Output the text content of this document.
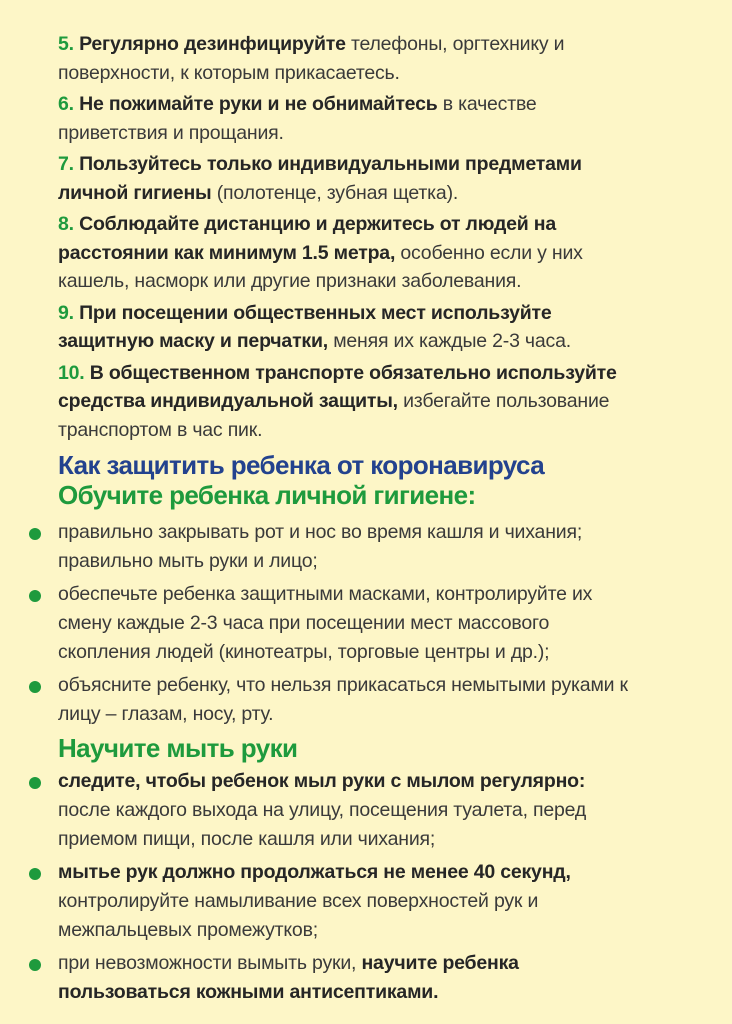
5. Регулярно дезинфицируйте телефоны, оргтехнику и поверхности, к которым прикасаетесь.
6. Не пожимайте руки и не обнимайтесь в качестве приветствия и прощания.
7. Пользуйтесь только индивидуальными предметами личной гигиены (полотенце, зубная щетка).
8. Соблюдайте дистанцию и держитесь от людей на расстоянии как минимум 1.5 метра, особенно если у них кашель, насморк или другие признаки заболевания.
9. При посещении общественных мест используйте защитную маску и перчатки, меняя их каждые 2-3 часа.
10. В общественном транспорте обязательно используйте средства индивидуальной защиты, избегайте пользование транспортом в час пик.
Как защитить ребенка от коронавируса
Обучите ребенка личной гигиене:
правильно закрывать рот и нос во время кашля и чихания; правильно мыть руки и лицо;
обеспечьте ребенка защитными масками, контролируйте их смену каждые 2-3 часа при посещении мест массового скопления людей (кинотеатры, торговые центры и др.);
объясните ребенку, что нельзя прикасаться немытыми руками к лицу – глазам, носу, рту.
Научите мыть руки
следите, чтобы ребенок мыл руки с мылом регулярно: после каждого выхода на улицу, посещения туалета, перед приемом пищи, после кашля или чихания;
мытье рук должно продолжаться не менее 40 секунд, контролируйте намыливание всех поверхностей рук и межпальцевых промежутков;
при невозможности вымыть руки, научите ребенка пользоваться кожными антисептиками.
